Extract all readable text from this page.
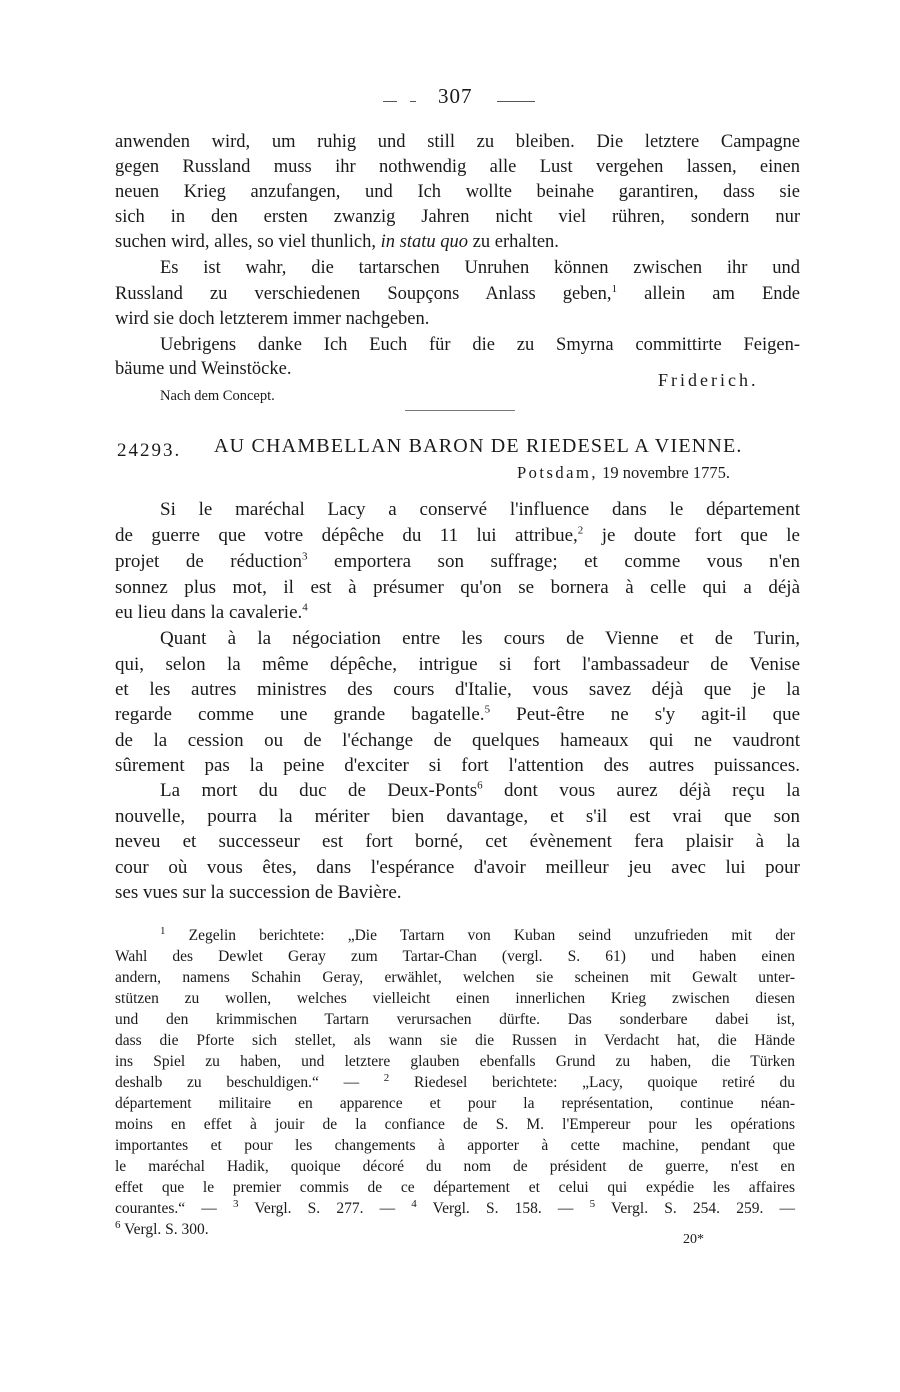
307
anwenden wird, um ruhig und still zu bleiben. Die letztere Campagne
gegen Russland muss ihr nothwendig alle Lust vergehen lassen, einen
neuen Krieg anzufangen, und Ich wollte beinahe garantiren, dass sie
sich in den ersten zwanzig Jahren nicht viel rühren, sondern nur
suchen wird, alles, so viel thunlich, in statu quo zu erhalten.
Es ist wahr, die tartarschen Unruhen können zwischen ihr und
Russland zu verschiedenen Soupçons Anlass geben,$^1$ allein am Ende
wird sie doch letzterem immer nachgeben.
Uebrigens danke Ich Euch für die zu Smyrna committirte Feigen-
bäume und Weinstöcke.
Friderich.
Nach dem Concept.
24293. AU CHAMBELLAN BARON DE RIEDESEL A VIENNE.
Potsdam, 19 novembre 1775.
Si le maréchal Lacy a conservé l'influence dans le département
de guerre que votre dépêche du 11 lui attribue,$^2$ je doute fort que le
projet de réduction$^3$ emportera son suffrage; et comme vous n'en
sonnez plus mot, il est à présumer qu'on se bornera à celle qui a déjà
eu lieu dans la cavalerie.$^4$
Quant à la négociation entre les cours de Vienne et de Turin,
qui, selon la même dépêche, intrigue si fort l'ambassadeur de Venise
et les autres ministres des cours d'Italie, vous savez déjà que je la
regarde comme une grande bagatelle.$^5$ Peut-être ne s'y agit-il que
de la cession ou de l'échange de quelques hameaux qui ne vaudront
sûrement pas la peine d'exciter si fort l'attention des autres puissances.
La mort du duc de Deux-Ponts$^6$ dont vous aurez déjà reçu la
nouvelle, pourra la mériter bien davantage, et s'il est vrai que son
neveu et successeur est fort borné, cet évènement fera plaisir à la
cour où vous êtes, dans l'espérance d'avoir meilleur jeu avec lui pour
ses vues sur la succession de Bavière.
$^1$ Zegelin berichtete: „Die Tartarn von Kuban seind unzufrieden mit der
Wahl des Dewlet Geray zum Tartar-Chan (vergl. S. 61) und haben einen
andern, namens Schahin Geray, erwählet, welchen sie scheinen mit Gewalt unter-
stützen zu wollen, welches vielleicht einen innerlichen Krieg zwischen diesen
und den krimmischen Tartarn verursachen dürfte. Das sonderbare dabei ist,
dass die Pforte sich stellet, als wann sie die Russen in Verdacht hat, die Hände
ins Spiel zu haben, und letztere glauben ebenfalls Grund zu haben, die Türken
deshalb zu beschuldigen.“ — $^2$ Riedesel berichtete: „Lacy, quoique retiré du
département militaire en apparence et pour la représentation, continue néan-
moins en effet à jouir de la confiance de S. M. l'Empereur pour les opérations
importantes et pour les changements à apporter à cette machine, pendant que
le maréchal Hadik, quoique décoré du nom de président de guerre, n'est en
effet que le premier commis de ce département et celui qui expédie les affaires
courantes.“ — $^3$ Vergl. S. 277. — $^4$ Vergl. S. 158. — $^5$ Vergl. S. 254. 259. —
$^6$ Vergl. S. 300.
20*
